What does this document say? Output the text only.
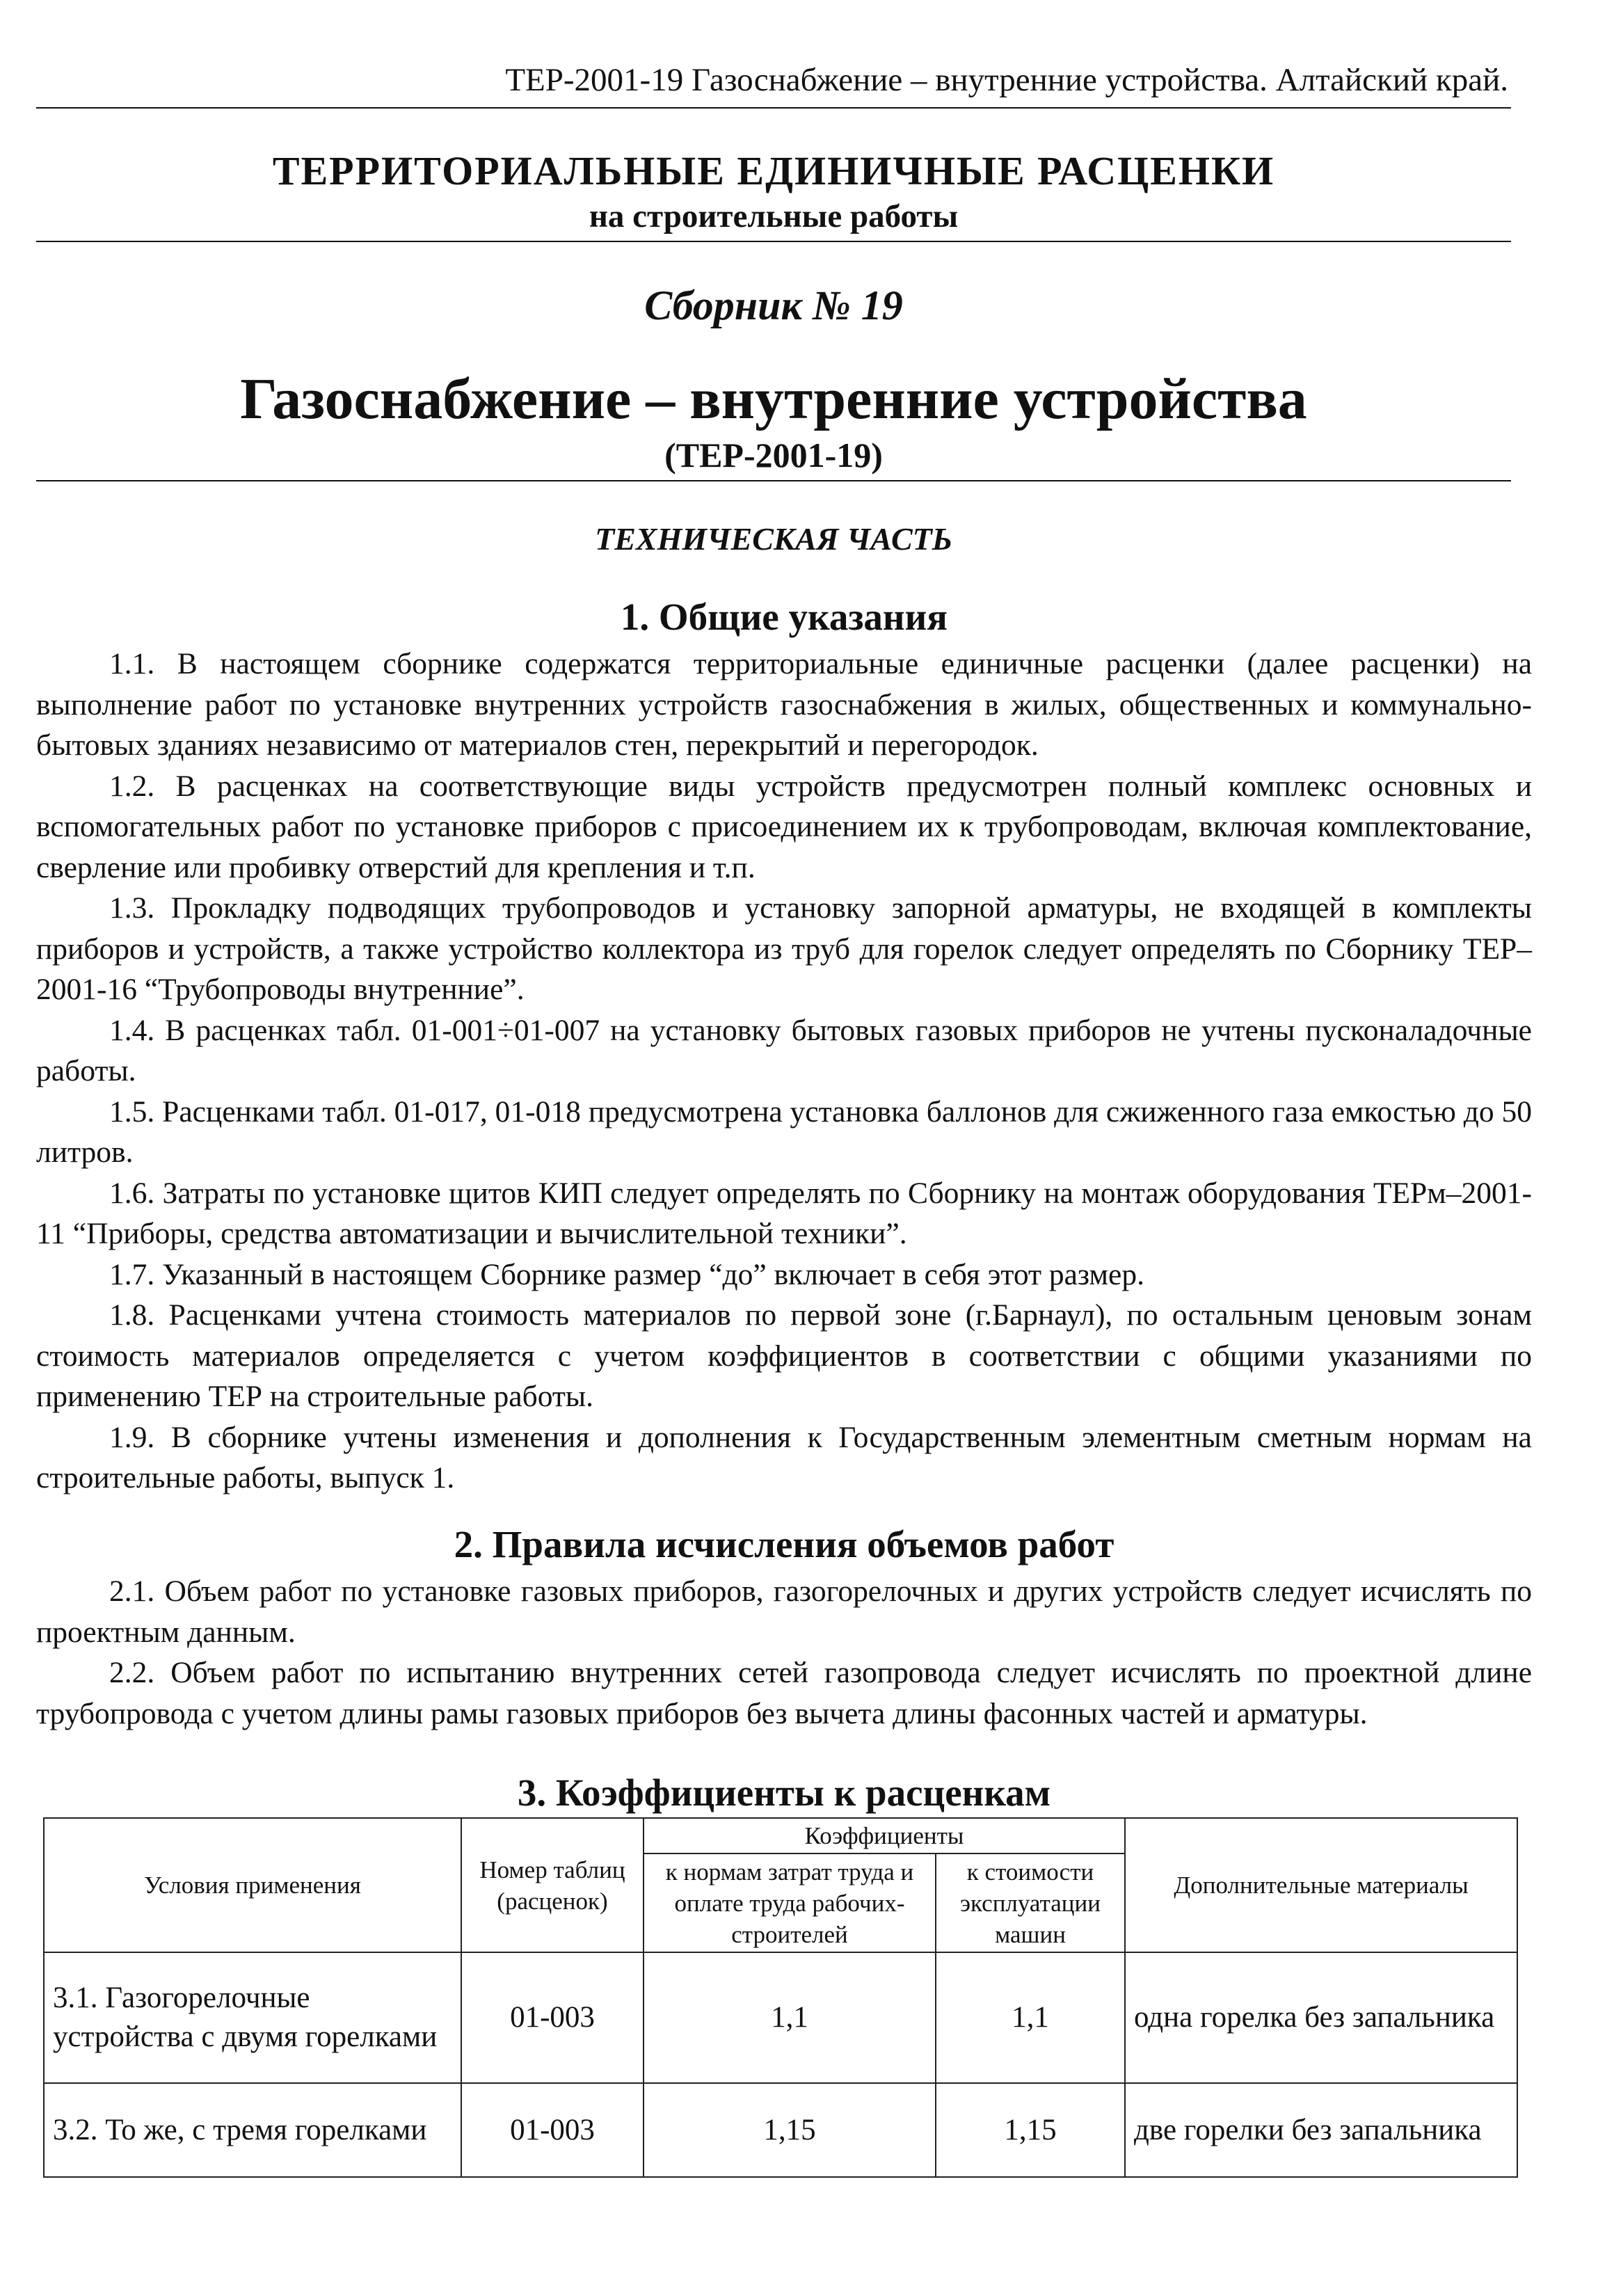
ТЕР-2001-19 Газоснабжение – внутренние устройства. Алтайский край.
ТЕРРИТОРИАЛЬНЫЕ ЕДИНИЧНЫЕ РАСЦЕНКИ
на строительные работы
Сборник № 19
Газоснабжение – внутренние устройства
(ТЕР-2001-19)
ТЕХНИЧЕСКАЯ ЧАСТЬ
1. Общие указания

1.1. В настоящем сборнике содержатся территориальные единичные расценки (далее расценки) на выполнение работ по установке внутренних устройств газоснабжения в жилых, общественных и коммунально-бытовых зданиях независимо от материалов стен, перекрытий и перегородок.

1.2. В расценках на соответствующие виды устройств предусмотрен полный комплекс основных и вспомогательных работ по установке приборов с присоединением их к трубопроводам, включая комплектование, сверление или пробивку отверстий для крепления и т.п.

1.3. Прокладку подводящих трубопроводов и установку запорной арматуры, не входящей в комплекты приборов и устройств, а также устройство коллектора из труб для горелок следует определять по Сборнику ТЕР–2001-16 “Трубопроводы внутренние”.

1.4. В расценках табл. 01-001÷01-007 на установку бытовых газовых приборов не учтены пусконаладочные работы.

1.5. Расценками табл. 01-017, 01-018 предусмотрена установка баллонов для сжиженного газа емкостью до 50 литров.

1.6. Затраты по установке щитов КИП следует определять по Сборнику на монтаж оборудования ТЕРм–2001-11 “Приборы, средства автоматизации и вычислительной техники”.

1.7. Указанный в настоящем Сборнике размер “до” включает в себя этот размер.

1.8. Расценками учтена стоимость материалов по первой зоне (г.Барнаул), по остальным ценовым зонам стоимость материалов определяется с учетом коэффициентов в соответствии с общими указаниями по применению ТЕР на строительные работы.

1.9. В сборнике учтены изменения и дополнения к Государственным элементным сметным нормам на строительные работы, выпуск 1.

2. Правила исчисления объемов работ

2.1. Объем работ по установке газовых приборов, газогорелочных и других устройств следует исчислять по проектным данным.

2.2. Объем работ по испытанию внутренних сетей газопровода следует исчислять по проектной длине трубопровода с учетом длины рамы газовых приборов без вычета длины фасонных частей и арматуры.

3. Коэффициенты к расценкам
Условия применения	Номер таблиц (расценок)	Коэффициенты		Дополнительные материалы
		к нормам затрат труда и оплате труда рабочих-строителей	к стоимости эксплуатации машин	
3.1. Газогорелочные устройства с двумя горелками	01-003	1,1	1,1	одна горелка без запальника
3.2. То же, с тремя горелками	01-003	1,15	1,15	две горелки без запальника
